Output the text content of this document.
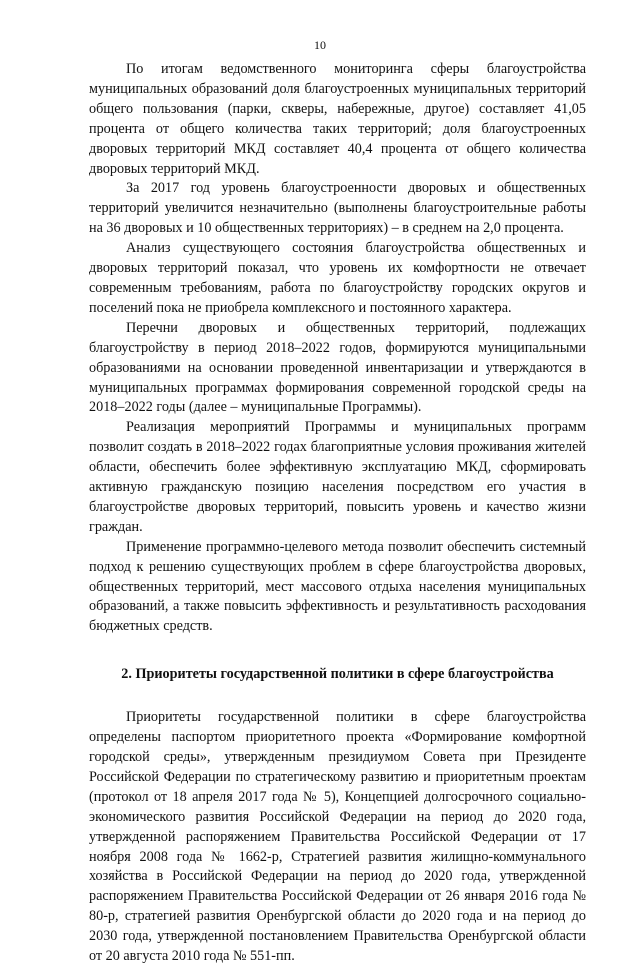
10

По итогам ведомственного мониторинга сферы благоустройства муниципальных образований доля благоустроенных муниципальных территорий общего пользования (парки, скверы, набережные, другое) составляет 41,05 процента от общего количества таких территорий; доля благоустроенных дворовых территорий МКД составляет 40,4 процента от общего количества дворовых территорий МКД.

За 2017 год уровень благоустроенности дворовых и общественных территорий увеличится незначительно (выполнены благоустроительные работы на 36 дворовых и 10 общественных территориях) – в среднем на 2,0 процента.

Анализ существующего состояния благоустройства общественных и дворовых территорий показал, что уровень их комфортности не отвечает современным требованиям, работа по благоустройству городских округов и поселений пока не приобрела комплексного и постоянного характера.

Перечни дворовых и общественных территорий, подлежащих благоустройству в период 2018–2022 годов, формируются муниципальными образованиями на основании проведенной инвентаризации и утверждаются в муниципальных программах формирования современной городской среды на 2018–2022 годы (далее – муниципальные Программы).

Реализация мероприятий Программы и муниципальных программ позволит создать в 2018–2022 годах благоприятные условия проживания жителей области, обеспечить более эффективную эксплуатацию МКД, сформировать активную гражданскую позицию населения посредством его участия в благоустройстве дворовых территорий, повысить уровень и качество жизни граждан.

Применение программно-целевого метода позволит обеспечить системный подход к решению существующих проблем в сфере благоустройства дворовых, общественных территорий, мест массового отдыха населения муниципальных образований, а также повысить эффективность и результативность расходования бюджетных средств.

2. Приоритеты государственной политики в сфере благоустройства

Приоритеты государственной политики в сфере благоустройства определены паспортом приоритетного проекта «Формирование комфортной городской среды», утвержденным президиумом Совета при Президенте Российской Федерации по стратегическому развитию и приоритетным проектам (протокол от 18 апреля 2017 года № 5), Концепцией долгосрочного социально-экономического развития Российской Федерации на период до 2020 года, утвержденной распоряжением Правительства Российской Федерации от 17 ноября 2008 года № 1662-р, Стратегией развития жилищно-коммунального хозяйства в Российской Федерации на период до 2020 года, утвержденной распоряжением Правительства Российской Федерации от 26 января 2016 года № 80-р, стратегией развития Оренбургской области до 2020 года и на период до 2030 года, утвержденной постановлением Правительства Оренбургской области от 20 августа 2010 года № 551-пп.
